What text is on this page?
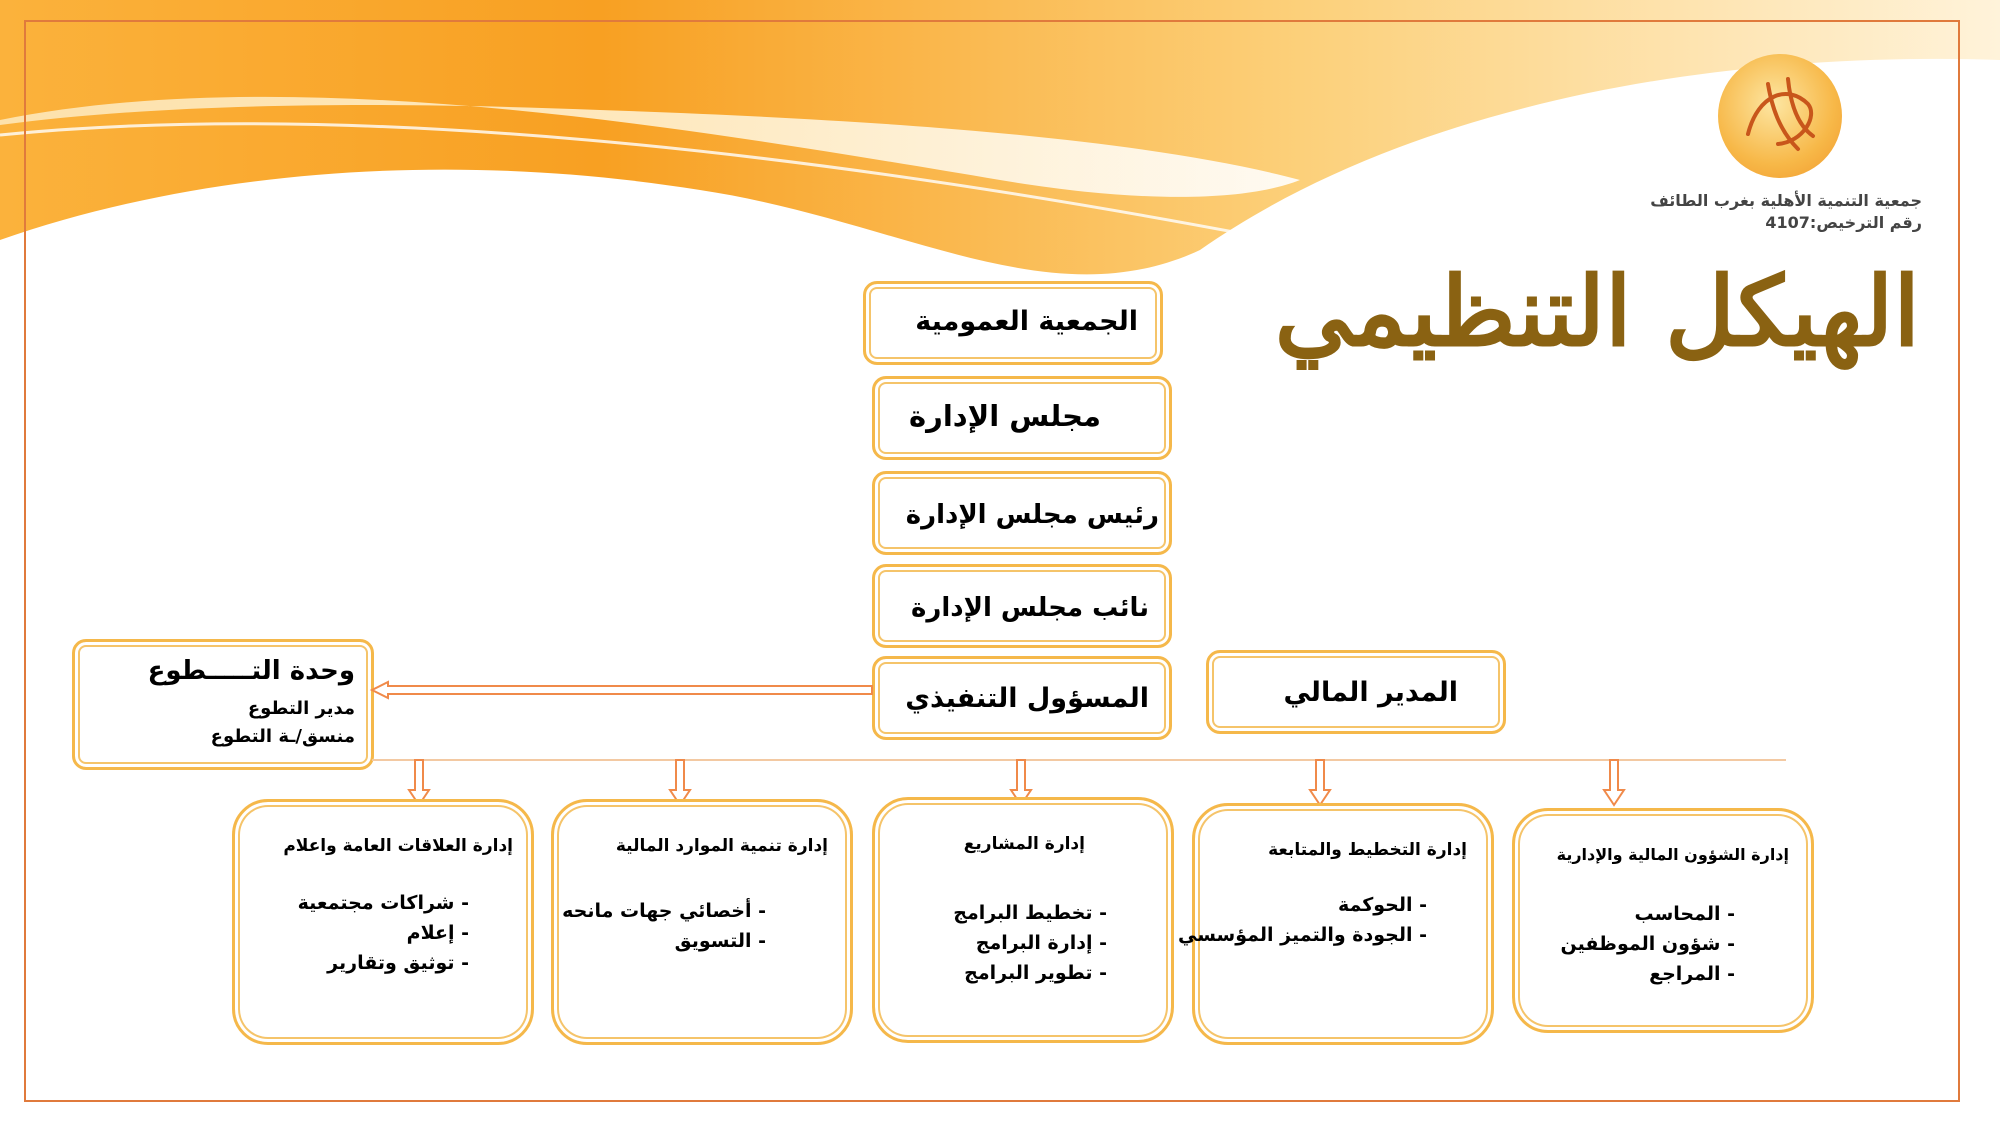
جمعية التنمية الأهلية بغرب الطائف
رقم الترخيص:4107
الهيكل التنظيمي
الجمعية العمومية
مجلس الإدارة
رئيس مجلس الإدارة
نائب مجلس الإدارة
المسؤول التنفيذي	المدير المالي
وحدة التـــــطوع
مدير التطوع
منسق/ـة التطوع
إدارة العلاقات العامة واعلام
- شراكات مجتمعية
- إعلام
- توثيق وتقارير
إدارة تنمية الموارد المالية
- أخصائي جهات مانحه
- التسويق
إدارة المشاريع
- تخطيط البرامج
- إدارة البرامج
- تطوير البرامج
إدارة التخطيط والمتابعة
- الحوكمة
- الجودة والتميز المؤسسي
إدارة الشؤون المالية والإدارية
- المحاسب
- شؤون الموظفين
- المراجع
